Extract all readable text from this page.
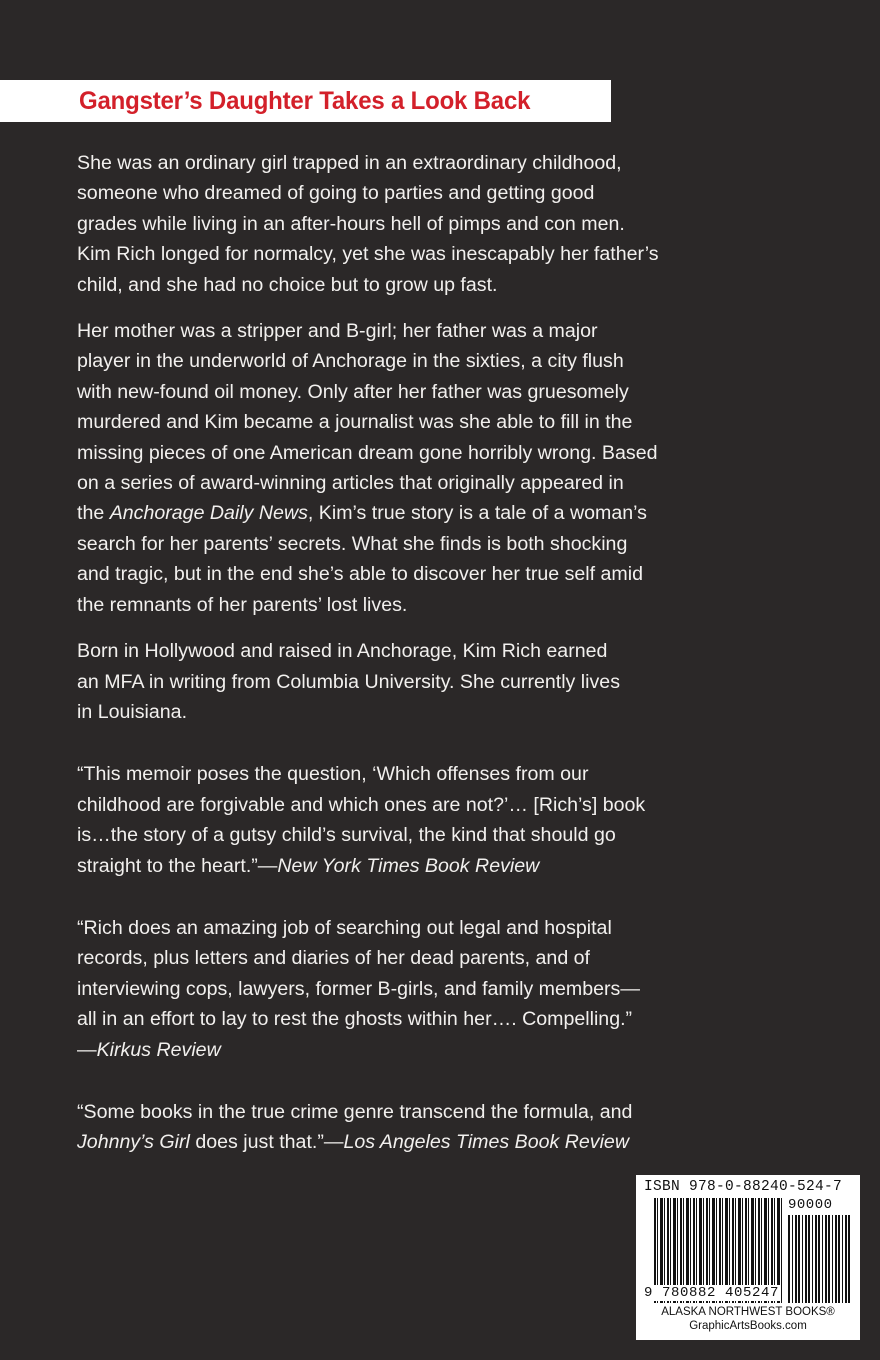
Gangster’s Daughter Takes a Look Back

She was an ordinary girl trapped in an extraordinary childhood,
someone who dreamed of going to parties and getting good
grades while living in an after-hours hell of pimps and con men.
Kim Rich longed for normalcy, yet she was inescapably her father’s
child, and she had no choice but to grow up fast.

Her mother was a stripper and B-girl; her father was a major
player in the underworld of Anchorage in the sixties, a city flush
with new-found oil money. Only after her father was gruesomely
murdered and Kim became a journalist was she able to fill in the
missing pieces of one American dream gone horribly wrong. Based
on a series of award-winning articles that originally appeared in
the Anchorage Daily News, Kim’s true story is a tale of a woman’s
search for her parents’ secrets. What she finds is both shocking
and tragic, but in the end she’s able to discover her true self amid
the remnants of her parents’ lost lives.

Born in Hollywood and raised in Anchorage, Kim Rich earned
an MFA in writing from Columbia University. She currently lives
in Louisiana.

“This memoir poses the question, ‘Which offenses from our
childhood are forgivable and which ones are not?’… [Rich’s] book
is…the story of a gutsy child’s survival, the kind that should go
straight to the heart.”—New York Times Book Review

“Rich does an amazing job of searching out legal and hospital
records, plus letters and diaries of her dead parents, and of
interviewing cops, lawyers, former B-girls, and family members—
all in an effort to lay to rest the ghosts within her…. Compelling.”
—Kirkus Review

“Some books in the true crime genre transcend the formula, and
Johnny’s Girl does just that.”—Los Angeles Times Book Review

ISBN 978-0-88240-524-7
90000
9 780882 405247
ALASKA NORTHWEST BOOKS®
GraphicArtsBooks.com
